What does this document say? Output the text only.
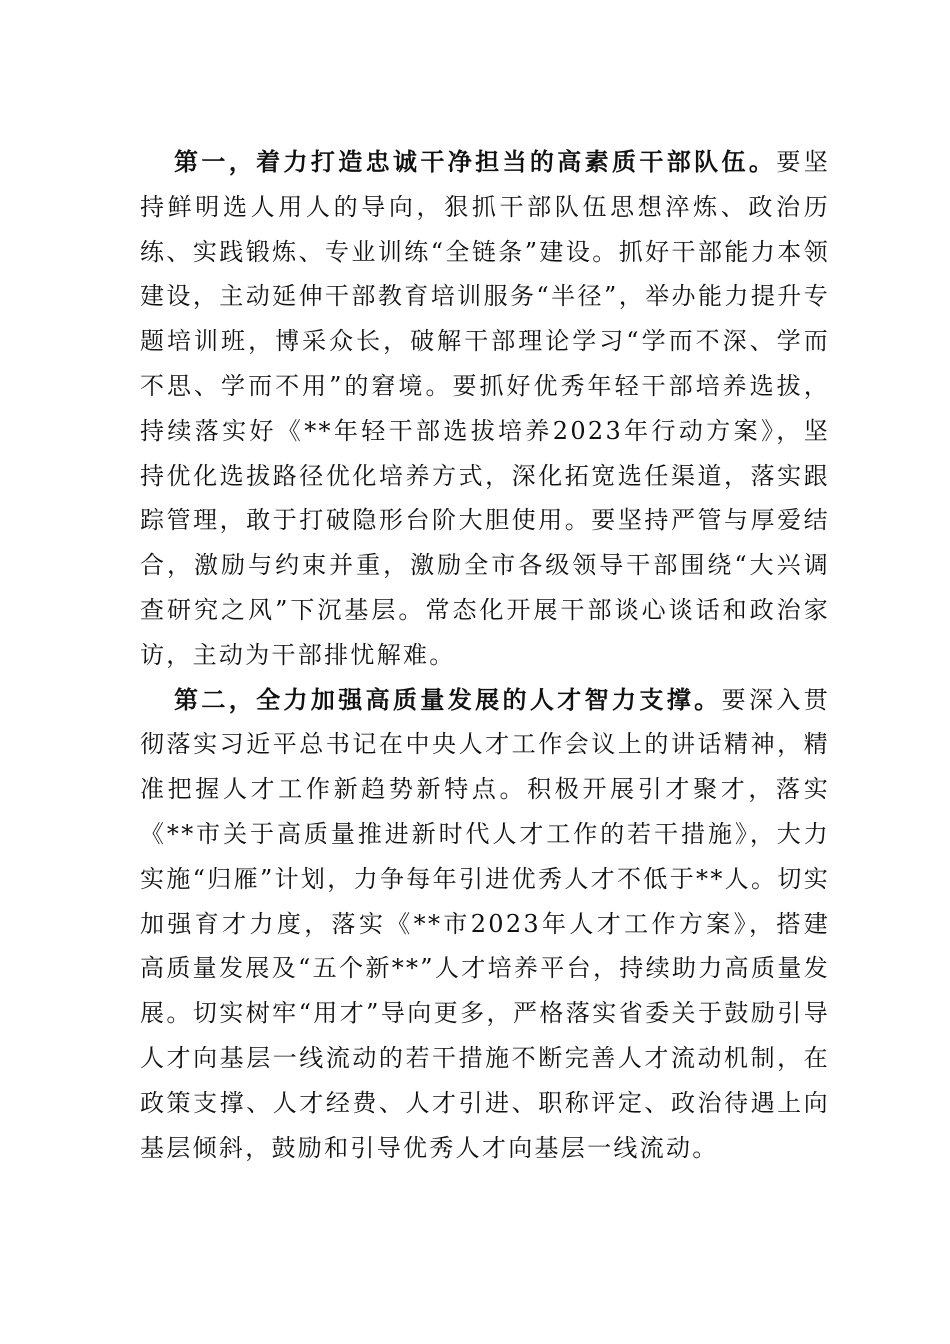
第一，着力打造忠诚干净担当的高素质干部队伍。要坚持鲜明选人用人的导向，狠抓干部队伍思想淬炼、政治历练、实践锻炼、专业训练“全链条”建设。抓好干部能力本领建设，主动延伸干部教育培训服务“半径”，举办能力提升专题培训班，博采众长，破解干部理论学习“学而不深、学而不思、学而不用”的窘境。要抓好优秀年轻干部培养选拔，持续落实好《**年轻干部选拔培养2023年行动方案》，坚持优化选拔路径优化培养方式，深化拓宽选任渠道，落实跟踪管理，敢于打破隐形台阶大胆使用。要坚持严管与厚爱结合，激励与约束并重，激励全市各级领导干部围绕“大兴调查研究之风”下沉基层。常态化开展干部谈心谈话和政治家访，主动为干部排忧解难。

第二，全力加强高质量发展的人才智力支撑。要深入贯彻落实习近平总书记在中央人才工作会议上的讲话精神，精准把握人才工作新趋势新特点。积极开展引才聚才，落实《**市关于高质量推进新时代人才工作的若干措施》，大力实施“归雁”计划，力争每年引进优秀人才不低于**人。切实加强育才力度，落实《**市2023年人才工作方案》，搭建高质量发展及“五个新**”人才培养平台，持续助力高质量发展。切实树牢“用才”导向更多，严格落实省委关于鼓励引导人才向基层一线流动的若干措施不断完善人才流动机制，在政策支撑、人才经费、人才引进、职称评定、政治待遇上向基层倾斜，鼓励和引导优秀人才向基层一线流动。
